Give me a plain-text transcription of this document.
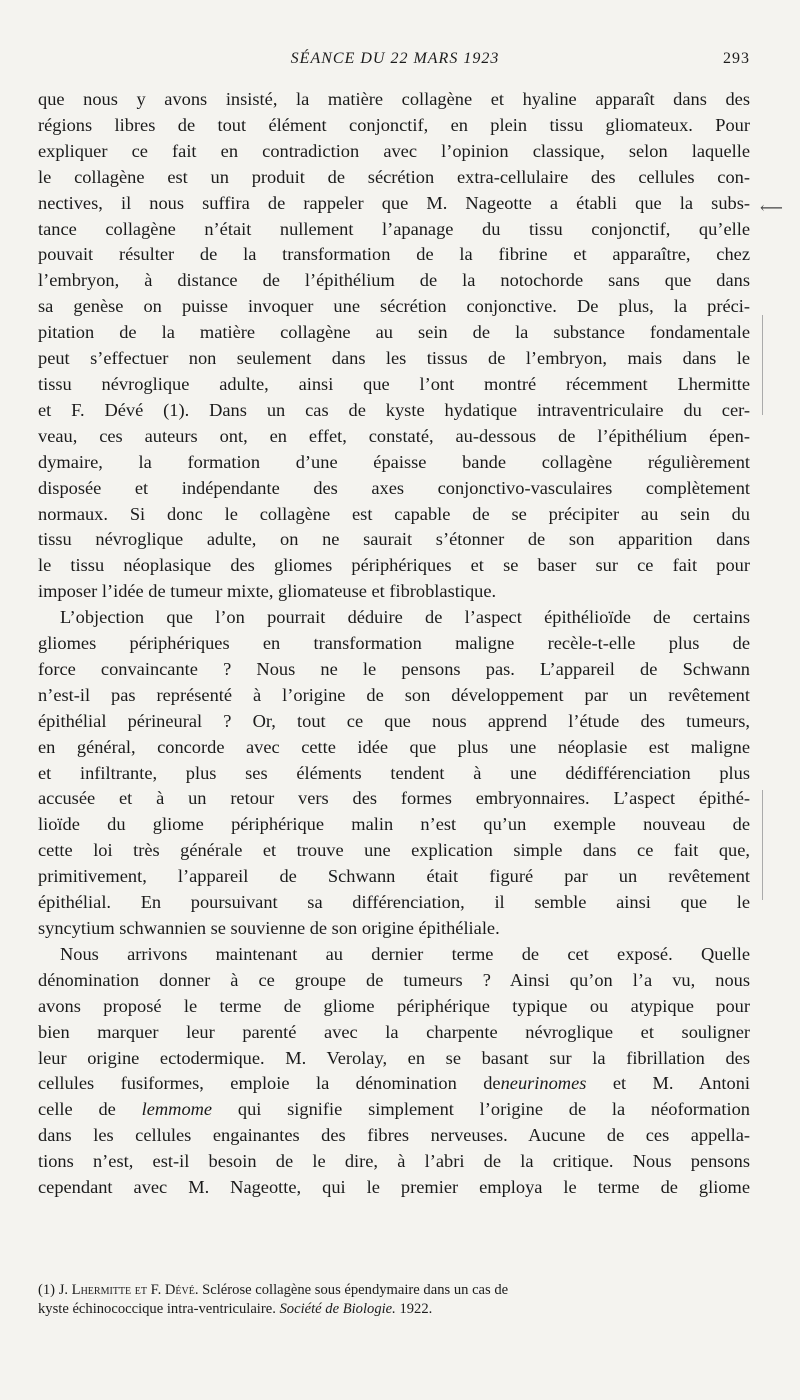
SÉANCE DU 22 MARS 1923	293
que nous y avons insisté, la matière collagène et hyaline apparaît dans des
régions libres de tout élément conjonctif, en plein tissu gliomateux. Pour
expliquer ce fait en contradiction avec l’opinion classique, selon laquelle
le collagène est un produit de sécrétion extra-cellulaire des cellules con-
nectives, il nous suffira de rappeler que M. Nageotte a établi que la subs-
tance collagène n’était nullement l’apanage du tissu conjonctif, qu’elle
pouvait résulter de la transformation de la fibrine et apparaître, chez
l’embryon, à distance de l’épithélium de la notochorde sans que dans
sa genèse on puisse invoquer une sécrétion conjonctive. De plus, la préci-
pitation de la matière collagène au sein de la substance fondamentale
peut s’effectuer non seulement dans les tissus de l’embryon, mais dans le
tissu névroglique adulte, ainsi que l’ont montré récemment Lhermitte
et F. Dévé (1). Dans un cas de kyste hydatique intraventriculaire du cer-
veau, ces auteurs ont, en effet, constaté, au-dessous de l’épithélium épen-
dymaire, la formation d’une épaisse bande collagène régulièrement
disposée et indépendante des axes conjonctivo-vasculaires complètement
normaux. Si donc le collagène est capable de se précipiter au sein du
tissu névroglique adulte, on ne saurait s’étonner de son apparition dans
le tissu néoplasique des gliomes périphériques et se baser sur ce fait pour
imposer l’idée de tumeur mixte, gliomateuse et fibroblastique.
L’objection que l’on pourrait déduire de l’aspect épithélioïde de certains
gliomes périphériques en transformation maligne recèle-t-elle plus de
force convaincante ? Nous ne le pensons pas. L’appareil de Schwann
n’est-il pas représenté à l’origine de son développement par un revêtement
épithélial périneural ? Or, tout ce que nous apprend l’étude des tumeurs,
en général, concorde avec cette idée que plus une néoplasie est maligne
et infiltrante, plus ses éléments tendent à une dédifférenciation plus
accusée et à un retour vers des formes embryonnaires. L’aspect épithé-
lioïde du gliome périphérique malin n’est qu’un exemple nouveau de
cette loi très générale et trouve une explication simple dans ce fait que,
primitivement, l’appareil de Schwann était figuré par un revêtement
épithélial. En poursuivant sa différenciation, il semble ainsi que le
syncytium schwannien se souvienne de son origine épithéliale.
Nous arrivons maintenant au dernier terme de cet exposé. Quelle
dénomination donner à ce groupe de tumeurs ? Ainsi qu’on l’a vu, nous
avons proposé le terme de gliome périphérique typique ou atypique pour
bien marquer leur parenté avec la charpente névroglique et souligner
leur origine ectodermique. M. Verolay, en se basant sur la fibrillation des
cellules fusiformes, emploie la dénomination deneurinomes et M. Antoni
celle de lemmome qui signifie simplement l’origine de la néoformation
dans les cellules engainantes des fibres nerveuses. Aucune de ces appella-
tions n’est, est-il besoin de le dire, à l’abri de la critique. Nous pensons
cependant avec M. Nageotte, qui le premier employa le terme de gliome
(1) J. Lhermitte et F. Dévé. Sclérose collagène sous épendymaire dans un cas de
kyste échinococcique intra-ventriculaire. Société de Biologie. 1922.
⟵
